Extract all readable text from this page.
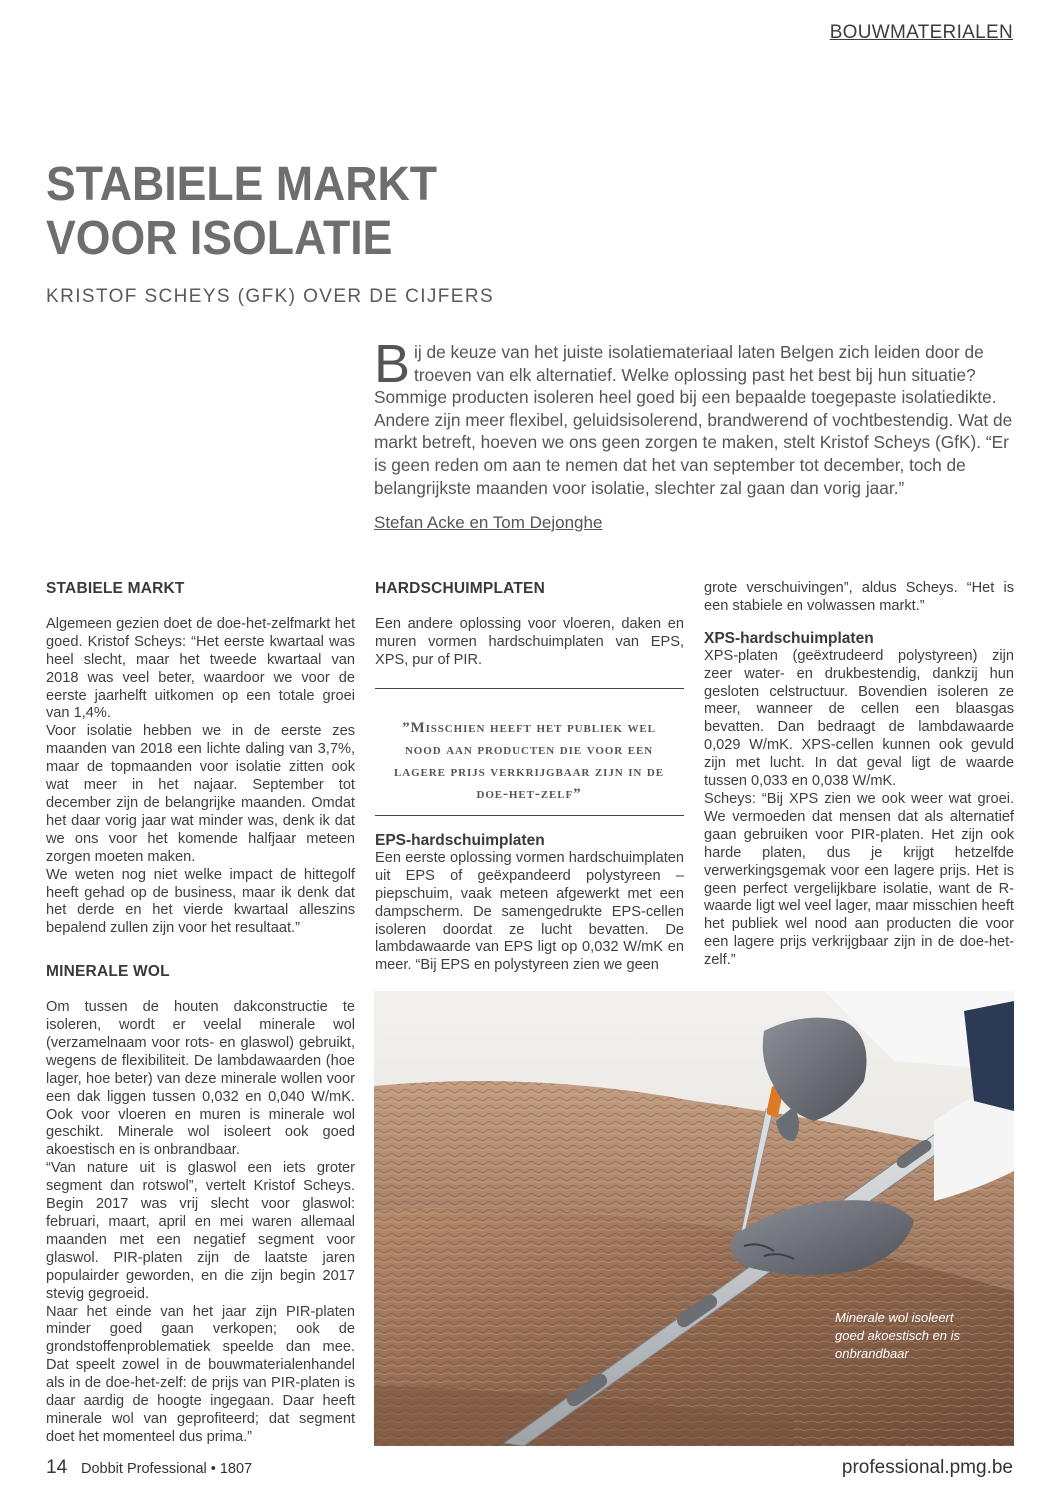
BOUWMATERIALEN
STABIELE MARKT
VOOR ISOLATIE
KRISTOF SCHEYS (GFK) OVER DE CIJFERS
Bij de keuze van het juiste isolatiemateriaal laten Belgen zich leiden door de troeven van elk alternatief. Welke oplossing past het best bij hun situatie? Sommige producten isoleren heel goed bij een bepaalde toegepaste isolatiedikte. Andere zijn meer flexibel, geluidsisolerend, brandwerend of vochtbestendig. Wat de markt betreft, hoeven we ons geen zorgen te maken, stelt Kristof Scheys (GfK). “Er is geen reden om aan te nemen dat het van september tot december, toch de belangrijkste maanden voor isolatie, slechter zal gaan dan vorig jaar.”
Stefan Acke en Tom Dejonghe
STABIELE MARKT

Algemeen gezien doet de doe-het-zelfmarkt het goed. Kristof Scheys: “Het eerste kwartaal was heel slecht, maar het tweede kwartaal van 2018 was veel beter, waardoor we voor de eerste jaarhelft uitkomen op een totale groei van 1,4%.

Voor isolatie hebben we in de eerste zes maanden van 2018 een lichte daling van 3,7%, maar de topmaanden voor isolatie zitten ook wat meer in het najaar. September tot december zijn de belangrijke maanden. Omdat het daar vorig jaar wat minder was, denk ik dat we ons voor het komende halfjaar meteen zorgen moeten maken.

We weten nog niet welke impact de hittegolf heeft gehad op de business, maar ik denk dat het derde en het vierde kwartaal alleszins bepalend zullen zijn voor het resultaat.”

MINERALE WOL

Om tussen de houten dakconstructie te isoleren, wordt er veelal minerale wol (verzamelnaam voor rots- en glaswol) gebruikt, wegens de flexibiliteit. De lambdawaarden (hoe lager, hoe beter) van deze minerale wollen voor een dak liggen tussen 0,032 en 0,040 W/mK. Ook voor vloeren en muren is minerale wol geschikt. Minerale wol isoleert ook goed akoestisch en is onbrandbaar.

“Van nature uit is glaswol een iets groter segment dan rotswol”, vertelt Kristof Scheys. Begin 2017 was vrij slecht voor glaswol: februari, maart, april en mei waren allemaal maanden met een negatief segment voor glaswol. PIR-platen zijn de laatste jaren populairder geworden, en die zijn begin 2017 stevig gegroeid.

Naar het einde van het jaar zijn PIR-platen minder goed gaan verkopen; ook de grondstoffenproblematiek speelde dan mee. Dat speelt zowel in de bouwmaterialenhandel als in de doe-het-zelf: de prijs van PIR-platen is daar aardig de hoogte ingegaan. Daar heeft minerale wol van geprofiteerd; dat segment doet het momenteel dus prima.”

HARDSCHUIMPLATEN

Een andere oplossing voor vloeren, daken en muren vormen hardschuimplaten van EPS, XPS, pur of PIR.

”Misschien heeft het publiek wel nood aan producten die voor een lagere prijs verkrijgbaar zijn in de doe-het-zelf”
EPS-hardschuimplaten

Een eerste oplossing vormen hardschuimplaten uit EPS of geëxpandeerd polystyreen – piepschuim, vaak meteen afgewerkt met een dampscherm. De samengedrukte EPS-cellen isoleren doordat ze lucht bevatten. De lambdawaarde van EPS ligt op 0,032 W/mK en meer. “Bij EPS en polystyreen zien we geen

grote verschuivingen”, aldus Scheys. “Het is een stabiele en volwassen markt.”

XPS-hardschuimplaten

XPS-platen (geëxtrudeerd polystyreen) zijn zeer water- en drukbestendig, dankzij hun gesloten celstructuur. Bovendien isoleren ze meer, wanneer de cellen een blaasgas bevatten. Dan bedraagt de lambdawaarde 0,029 W/mK. XPS-cellen kunnen ook gevuld zijn met lucht. In dat geval ligt de waarde tussen 0,033 en 0,038 W/mK.

Scheys: “Bij XPS zien we ook weer wat groei. We vermoeden dat mensen dat als alternatief gaan gebruiken voor PIR-platen. Het zijn ook harde platen, dus je krijgt hetzelfde verwerkingsgemak voor een lagere prijs. Het is geen perfect vergelijkbare isolatie, want de R-waarde ligt wel veel lager, maar misschien heeft het publiek wel nood aan producten die voor een lagere prijs verkrijgbaar zijn in de doe-het-zelf.”

Minerale wol isoleert goed akoestisch en is onbrandbaar
14 Dobbit Professional • 1807	professional.pmg.be
